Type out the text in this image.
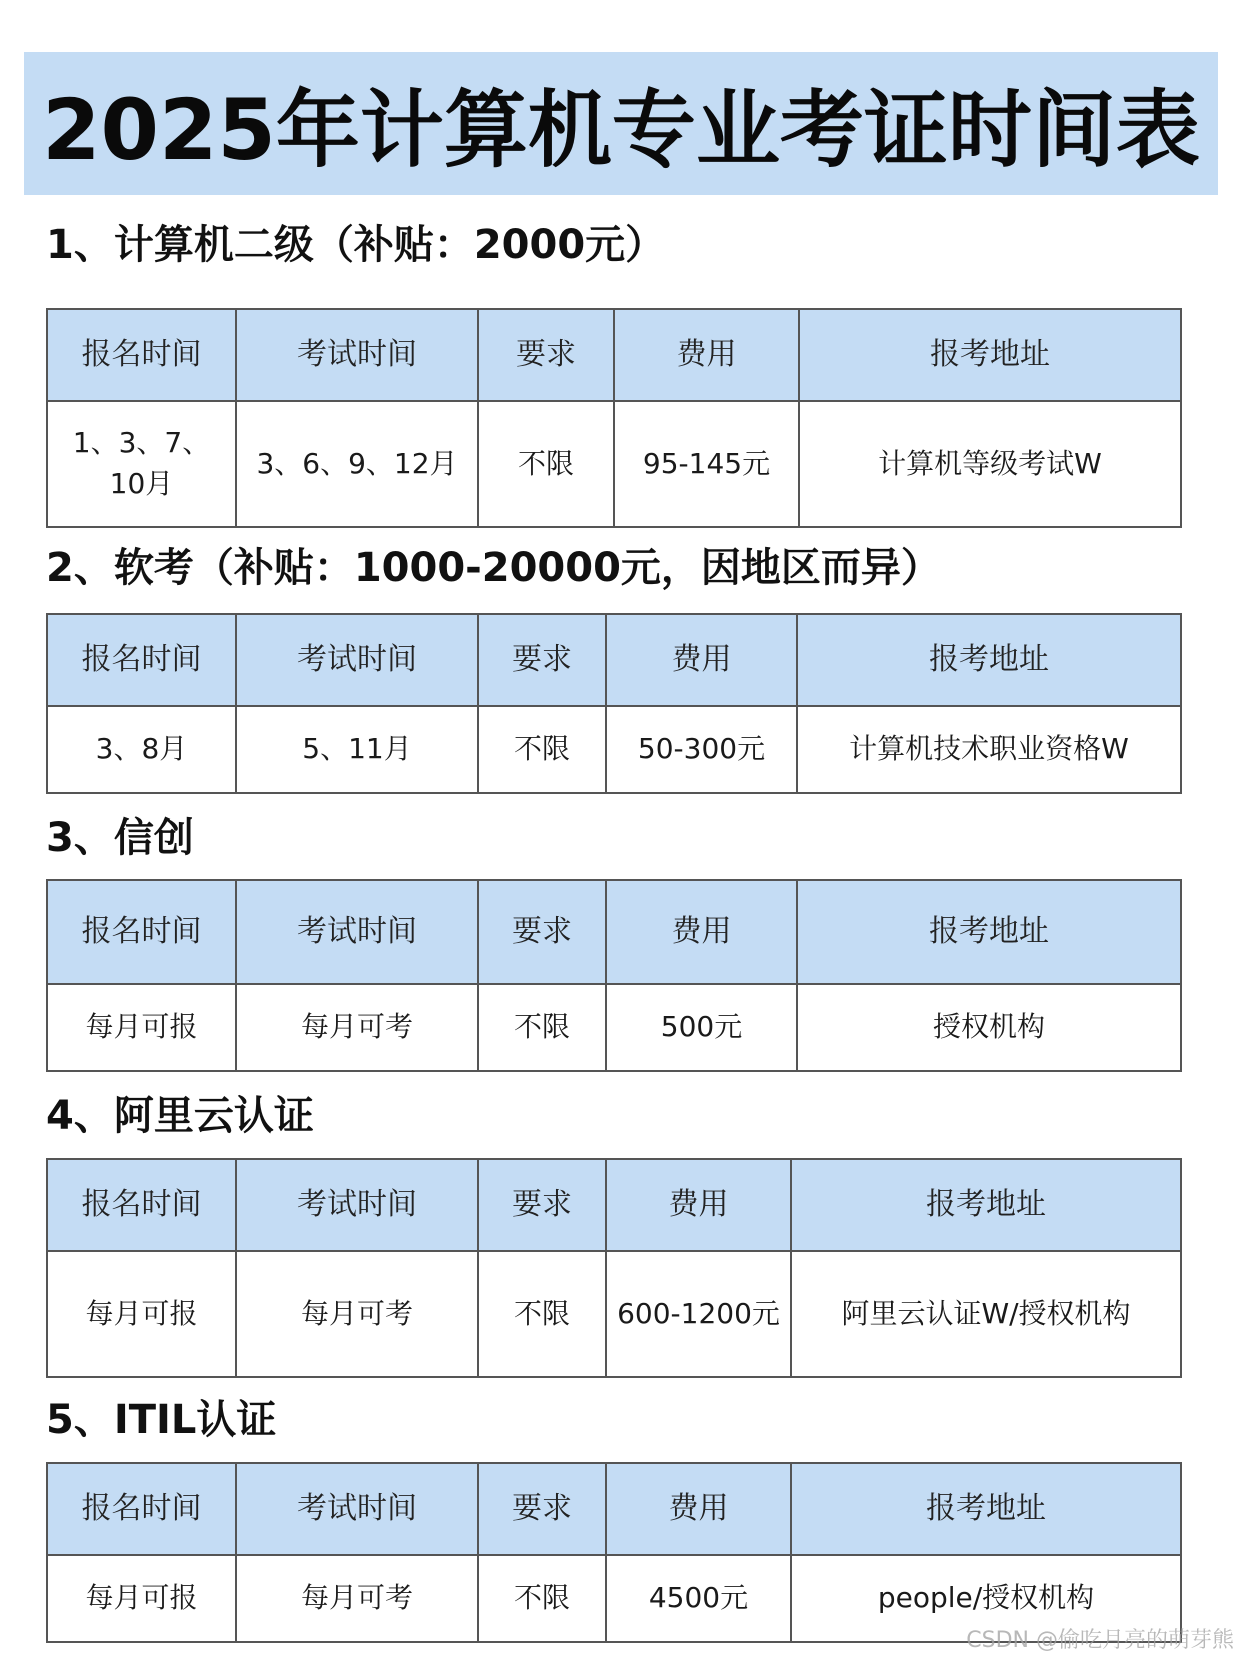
2025年计算机专业考证时间表
1、计算机二级（补贴：2000元）
报名时间	考试时间	要求	费用	报考地址
1、3、7、10月	3、6、9、12月	不限	95-145元	计算机等级考试W
2、软考（补贴：1000-20000元，因地区而异）
报名时间	考试时间	要求	费用	报考地址
3、8月	5、11月	不限	50-300元	计算机技术职业资格W
3、信创
报名时间	考试时间	要求	费用	报考地址
每月可报	每月可考	不限	500元	授权机构
4、阿里云认证
报名时间	考试时间	要求	费用	报考地址
每月可报	每月可考	不限	600-1200元	阿里云认证W/授权机构
5、ITIL认证
报名时间	考试时间	要求	费用	报考地址
每月可报	每月可考	不限	4500元	people/授权机构
CSDN @偷吃月亮的萌芽熊
